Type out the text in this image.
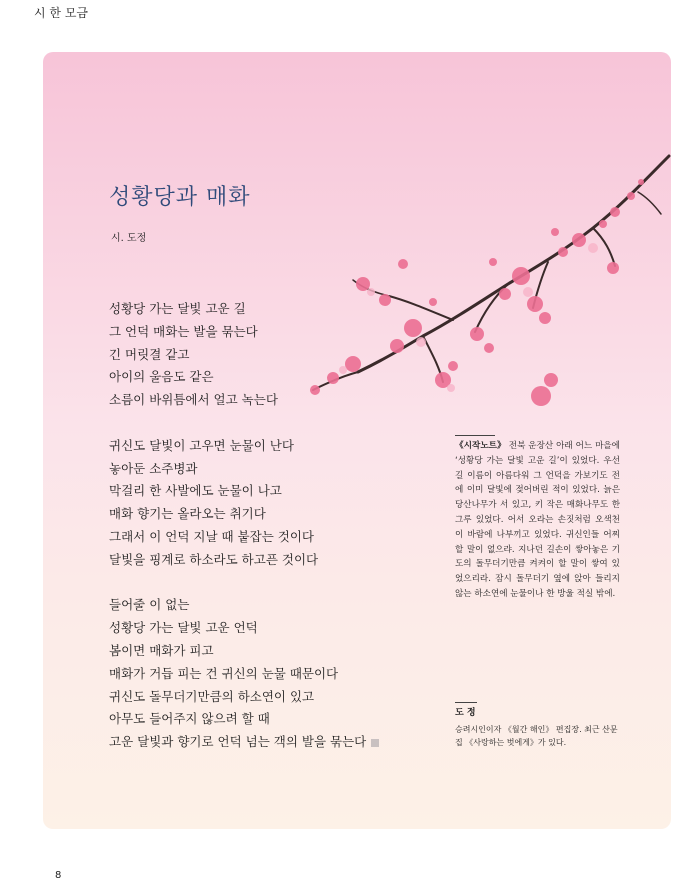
시 한 모금
성황당과 매화
시. 도정
성황당 가는 달빛 고운 길
그 언덕 매화는 발을 묶는다
긴 머릿결 같고
아이의 울음도 같은
소름이 바위틈에서 얼고 녹는다
귀신도 달빛이 고우면 눈물이 난다
놓아둔 소주병과
막걸리 한 사발에도 눈물이 나고
매화 향기는 올라오는 취기다
그래서 이 언덕 지날 때 붙잡는 것이다
달빛을 핑계로 하소라도 하고픈 것이다
들어줄 이 없는
성황당 가는 달빛 고운 언덕
봄이면 매화가 피고
매화가 거듭 피는 건 귀신의 눈물 때문이다
귀신도 돌무더기만큼의 하소연이 있고
아무도 들어주지 않으려 할 때
고운 달빛과 향기로 언덕 넘는 객의 발을 묶는다
《시작노트》 전북 운장산 아래 어느 마을에 ‘성황당 가는 달빛 고운 길’이 있었다. 우선 길 이름이 아름다워 그 언덕을 가보기도 전에 이미 달빛에 젖어버린 적이 있었다. 늙은 당산나무가 서 있고, 키 작은 매화나무도 한 그루 있었다. 어서 오라는 손짓처럼 오색천이 바람에 나부끼고 있었다. 귀신인들 어찌 할 말이 없으랴. 지나던 길손이 쌓아놓은 기도의 돌무더기만큼 켜켜이 할 말이 쌓여 있었으리라. 잠시 돌무더기 옆에 앉아 들리지 않는 하소연에 눈물이나 한 방울 적실 밖에.
도 정
승려시인이자 《월간 해인》 편집장. 최근 산문집 《사랑하는 벗에게》가 있다.
8
